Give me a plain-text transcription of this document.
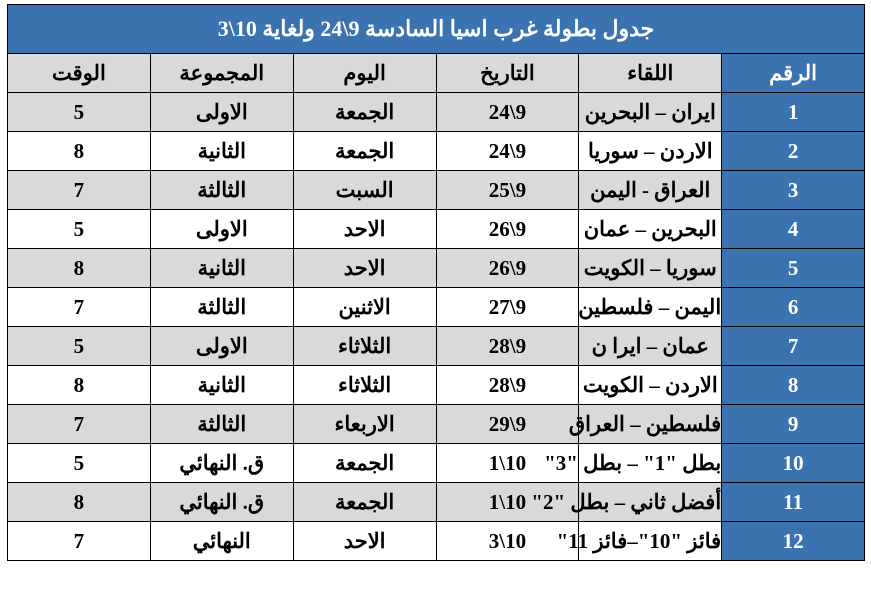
جدول بطولة غرب اسيا السادسة 9\24 ولغاية 10\3					
الرقم	اللقاء	التاريخ	اليوم	المجموعة	الوقت
1	ايران – البحرين	9\24	الجمعة	الاولى	5
2	الاردن – سوريا	9\24	الجمعة	الثانية	8
3	العراق - اليمن	9\25	السبت	الثالثة	7
4	البحرين – عمان	9\26	الاحد	الاولى	5
5	سوريا – الكويت	9\26	الاحد	الثانية	8
6	اليمن – فلسطين	9\27	الاثنين	الثالثة	7
7	عمان – ايرا ن	9\28	الثلاثاء	الاولى	5
8	الاردن – الكويت	9\28	الثلاثاء	الثانية	8
9	فلسطين – العراق	9\29	الاربعاء	الثالثة	7
10	بطل "1" – بطل "3"	10\1	الجمعة	ق. النهائي	5
11	أفضل ثاني – بطل "2"	10\1	الجمعة	ق. النهائي	8
12	فائز "10"–فائز 11"	10\3	الاحد	النهائي	7
